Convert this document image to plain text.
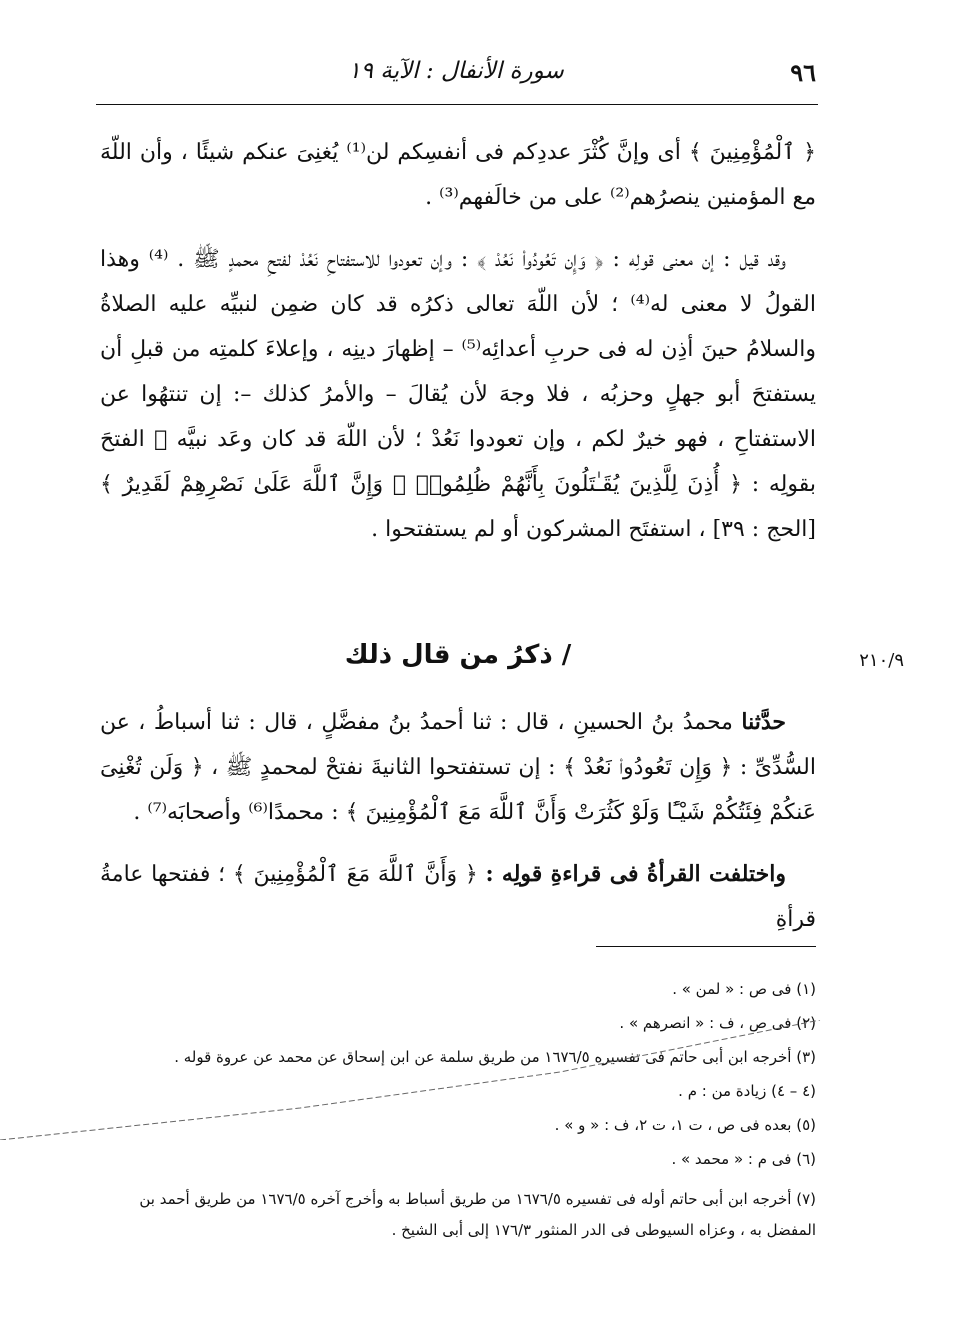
٩٦
سورة الأنفال : الآية ١٩

﴿ ٱلْمُؤْمِنِينَ ﴾ أى وإنَّ كُثْرَ عددِكم فى أنفسِكم لن⁽¹⁾ يُغنِىَ عنكم شيئًا ، وأن اللّهَ مع المؤمنين ينصرُهم⁽²⁾ على من خالَفهم⁽³⁾ .

وقد قيل : إن معنى قولِه : ﴿ وَإِن تَعُودُوا۟ نَعُدْ ﴾ : وإن تعودوا للاستفتاحِ نَعُدْ لفتحِ محمدٍ ﷺ . ⁽⁴⁾ وهذا القولُ لا معنى له⁽⁴⁾ ؛ لأن اللّهَ تعالى ذكرُه قد كان ضمِن لنبيِّه عليه الصلاةُ والسلامُ حينَ أذِن له فى حربِ أعدائِه⁽⁵⁾ – إظهارَ دينِه ، وإعلاءَ كلمتِه من قبلِ أن يستفتحَ أبو جهلٍ وحزبُه ، فلا وجهَ لأن يُقالَ – والأمرُ كذلك –: إن تنتهُوا عن الاستفتاحِ ، فهو خيرٌ لكم ، وإن تعودوا نَعُدْ ؛ لأن اللّهَ قد كان وعَد نبيَّه ﷺ الفتحَ بقولِه : ﴿ أُذِنَ لِلَّذِينَ يُقَـٰتَلُونَ بِأَنَّهُمْ ظُلِمُوا۟ ۚ وَإِنَّ ٱللَّهَ عَلَىٰ نَصْرِهِمْ لَقَدِيرٌ ﴾ [الحج : ٣٩] ، استفتَح المشركون أو لم يستفتحوا .

٢١٠/٩
/ ذكرُ من قال ذلك

حدَّثنا محمدُ بنُ الحسينِ ، قال : ثنا أحمدُ بنُ مفضَّلٍ ، قال : ثنا أسباطُ ، عن السُّدِّىِّ : ﴿ وَإِن تَعُودُوا۟ نَعُدْ ﴾ : إن تستفتحوا الثانيةَ نفتحْ لمحمدٍ ﷺ ، ﴿ وَلَن تُغْنِىَ عَنكُمْ فِئَتُكُمْ شَيْـًٔا وَلَوْ كَثُرَتْ وَأَنَّ ٱللَّهَ مَعَ ٱلْمُؤْمِنِينَ ﴾ : محمدًا⁽⁶⁾ وأصحابَه⁽⁷⁾ .

واختلفت القرأةُ فى قراءةِ قولِه : ﴿ وَأَنَّ ٱللَّهَ مَعَ ٱلْمُؤْمِنِينَ ﴾ ؛ ففتحها عامةُ قرأةِ

(١) فى ص : « لمن » .

(٢) فى ص ، ف : « انصرهم » .

(٣) أخرجه ابن أبى حاتم فى تفسيره ١٦٧٦/٥ من طريق سلمة عن ابن إسحاق عن محمد عن عروة قوله .

(٤ – ٤) زيادة من : م .

(٥) بعده فى ص ، ت ١، ت ٢، ف : « و » .

(٦) فى م : « محمد » .

(٧) أخرجه ابن أبى حاتم أوله فى تفسيره ١٦٧٦/٥ من طريق أسباط به وأخرج آخره ١٦٧٦/٥ من طريق أحمد بن المفضل به ، وعزاه السيوطى فى الدر المنثور ١٧٦/٣ إلى أبى الشيخ .
